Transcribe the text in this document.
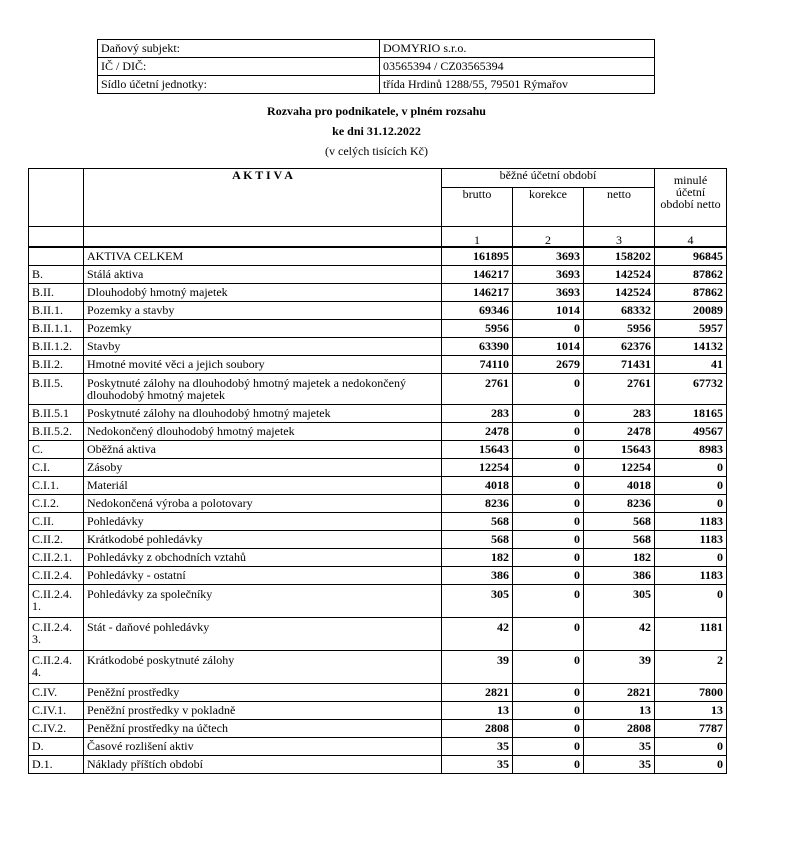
Daňový subjekt:	DOMYRIO s.r.o.
IČ / DIČ:	03565394 / CZ03565394
Sídlo účetní jednotky:	třída Hrdinů 1288/55, 79501 Rýmařov
Rozvaha pro podnikatele, v plném rozsahu
ke dni 31.12.2022
(v celých tisících Kč)
	A K T I V A	běžné účetní období			minulé účetní období netto
		brutto	korekce	netto	
		1	2	3	4
	AKTIVA CELKEM	161895	3693	158202	96845
B.	Stálá aktiva	146217	3693	142524	87862
B.II.	Dlouhodobý hmotný majetek	146217	3693	142524	87862
B.II.1.	Pozemky a stavby	69346	1014	68332	20089
B.II.1.1.	Pozemky	5956	0	5956	5957
B.II.1.2.	Stavby	63390	1014	62376	14132
B.II.2.	Hmotné movité věci a jejich soubory	74110	2679	71431	41
B.II.5.	Poskytnuté zálohy na dlouhodobý hmotný majetek a nedokončený dlouhodobý hmotný majetek	2761	0	2761	67732
B.II.5.1	Poskytnuté zálohy na dlouhodobý hmotný majetek	283	0	283	18165
B.II.5.2.	Nedokončený dlouhodobý hmotný majetek	2478	0	2478	49567
C.	Oběžná aktiva	15643	0	15643	8983
C.I.	Zásoby	12254	0	12254	0
C.I.1.	Materiál	4018	0	4018	0
C.I.2.	Nedokončená výroba a polotovary	8236	0	8236	0
C.II.	Pohledávky	568	0	568	1183
C.II.2.	Krátkodobé pohledávky	568	0	568	1183
C.II.2.1.	Pohledávky z obchodních vztahů	182	0	182	0
C.II.2.4.	Pohledávky - ostatní	386	0	386	1183
C.II.2.4. 1.	Pohledávky za společníky	305	0	305	0
C.II.2.4. 3.	Stát - daňové pohledávky	42	0	42	1181
C.II.2.4. 4.	Krátkodobé poskytnuté zálohy	39	0	39	2
C.IV.	Peněžní prostředky	2821	0	2821	7800
C.IV.1.	Peněžní prostředky v pokladně	13	0	13	13
C.IV.2.	Peněžní prostředky na účtech	2808	0	2808	7787
D.	Časové rozlišení aktiv	35	0	35	0
D.1.	Náklady příštích období	35	0	35	0
